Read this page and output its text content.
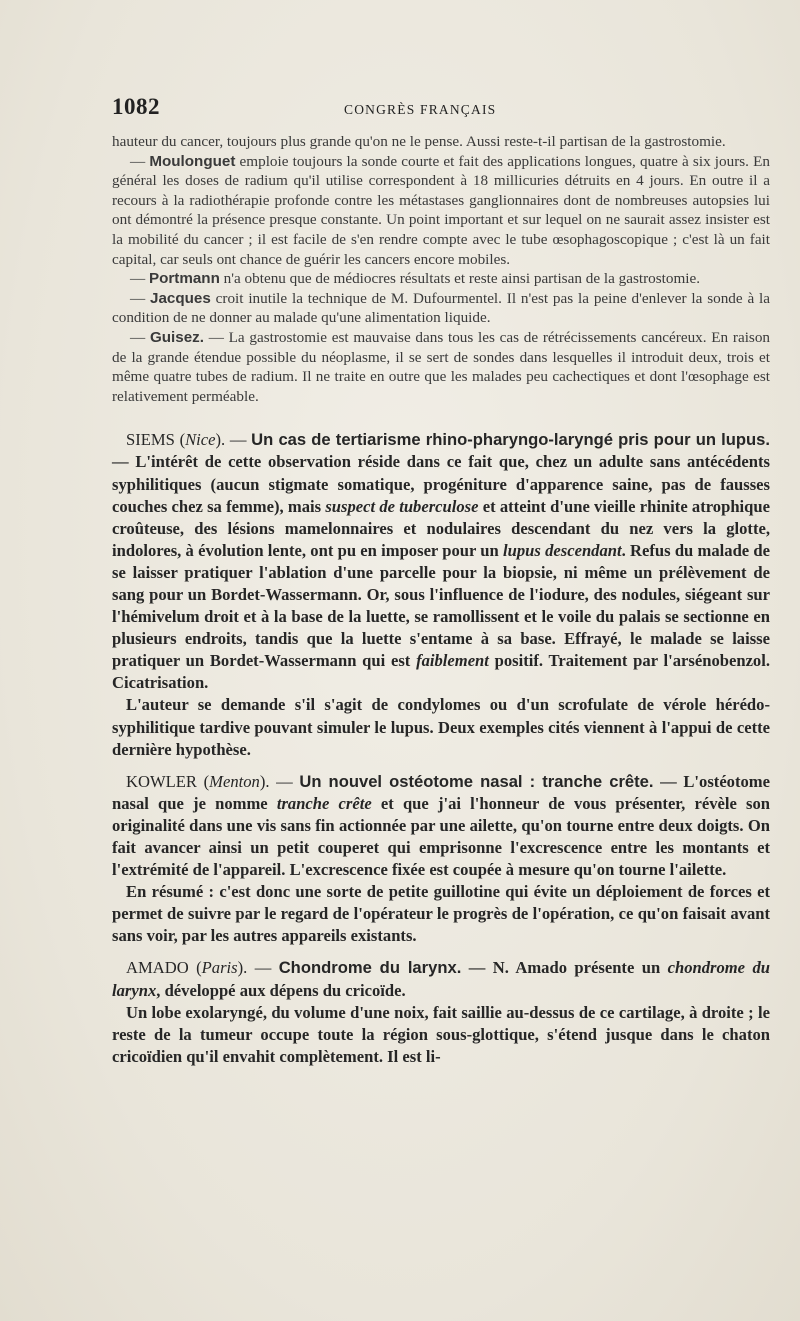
1082	CONGRÈS FRANÇAIS

hauteur du cancer, toujours plus grande qu'on ne le pense. Aussi reste-t-il partisan de la gastrostomie.

— Moulonguet emploie toujours la sonde courte et fait des applications longues, quatre à six jours. En général les doses de radium qu'il utilise correspondent à 18 millicuries détruits en 4 jours. En outre il a recours à la radiothérapie profonde contre les métastases ganglionnaires dont de nombreuses autopsies lui ont démontré la présence presque constante. Un point important et sur lequel on ne saurait assez insister est la mobilité du cancer ; il est facile de s'en rendre compte avec le tube œsophagoscopique ; c'est là un fait capital, car seuls ont chance de guérir les cancers encore mobiles.

— Portmann n'a obtenu que de médiocres résultats et reste ainsi partisan de la gastrostomie.

— Jacques croit inutile la technique de M. Dufourmentel. Il n'est pas la peine d'enlever la sonde à la condition de ne donner au malade qu'une alimentation liquide.

— Guisez. — La gastrostomie est mauvaise dans tous les cas de rétrécissements cancéreux. En raison de la grande étendue possible du néoplasme, il se sert de sondes dans lesquelles il introduit deux, trois et même quatre tubes de radium. Il ne traite en outre que les malades peu cachectiques et dont l'œsophage est relativement perméable.

SIEMS (Nice). — Un cas de tertiarisme rhino-pharyngo-laryngé pris pour un lupus. — L'intérêt de cette observation réside dans ce fait que, chez un adulte sans antécédents syphilitiques (aucun stigmate somatique, progéniture d'apparence saine, pas de fausses couches chez sa femme), mais suspect de tuberculose et atteint d'une vieille rhinite atrophique croûteuse, des lésions mamelonnaires et nodulaires descendant du nez vers la glotte, indolores, à évolution lente, ont pu en imposer pour un lupus descendant. Refus du malade de se laisser pratiquer l'ablation d'une parcelle pour la biopsie, ni même un prélèvement de sang pour un Bordet-Wassermann. Or, sous l'influence de l'iodure, des nodules, siégeant sur l'hémivelum droit et à la base de la luette, se ramollissent et le voile du palais se sectionne en plusieurs endroits, tandis que la luette s'entame à sa base. Effrayé, le malade se laisse pratiquer un Bordet-Wassermann qui est faiblement positif. Traitement par l'arsénobenzol. Cicatrisation.

L'auteur se demande s'il s'agit de condylomes ou d'un scrofulate de vérole hérédo-syphilitique tardive pouvant simuler le lupus. Deux exemples cités viennent à l'appui de cette dernière hypothèse.

KOWLER (Menton). — Un nouvel ostéotome nasal : tranche crête. — L'ostéotome nasal que je nomme tranche crête et que j'ai l'honneur de vous présenter, révèle son originalité dans une vis sans fin actionnée par une ailette, qu'on tourne entre deux doigts. On fait avancer ainsi un petit couperet qui emprisonne l'excrescence entre les montants et l'extrémité de l'appareil. L'excrescence fixée est coupée à mesure qu'on tourne l'ailette.

En résumé : c'est donc une sorte de petite guillotine qui évite un déploiement de forces et permet de suivre par le regard de l'opérateur le progrès de l'opération, ce qu'on faisait avant sans voir, par les autres appareils existants.

AMADO (Paris). — Chondrome du larynx. — N. Amado présente un chondrome du larynx, développé aux dépens du cricoïde.

Un lobe exolaryngé, du volume d'une noix, fait saillie au-dessus de ce cartilage, à droite ; le reste de la tumeur occupe toute la région sous-glottique, s'étend jusque dans le chaton cricoïdien qu'il envahit complètement. Il est li-
